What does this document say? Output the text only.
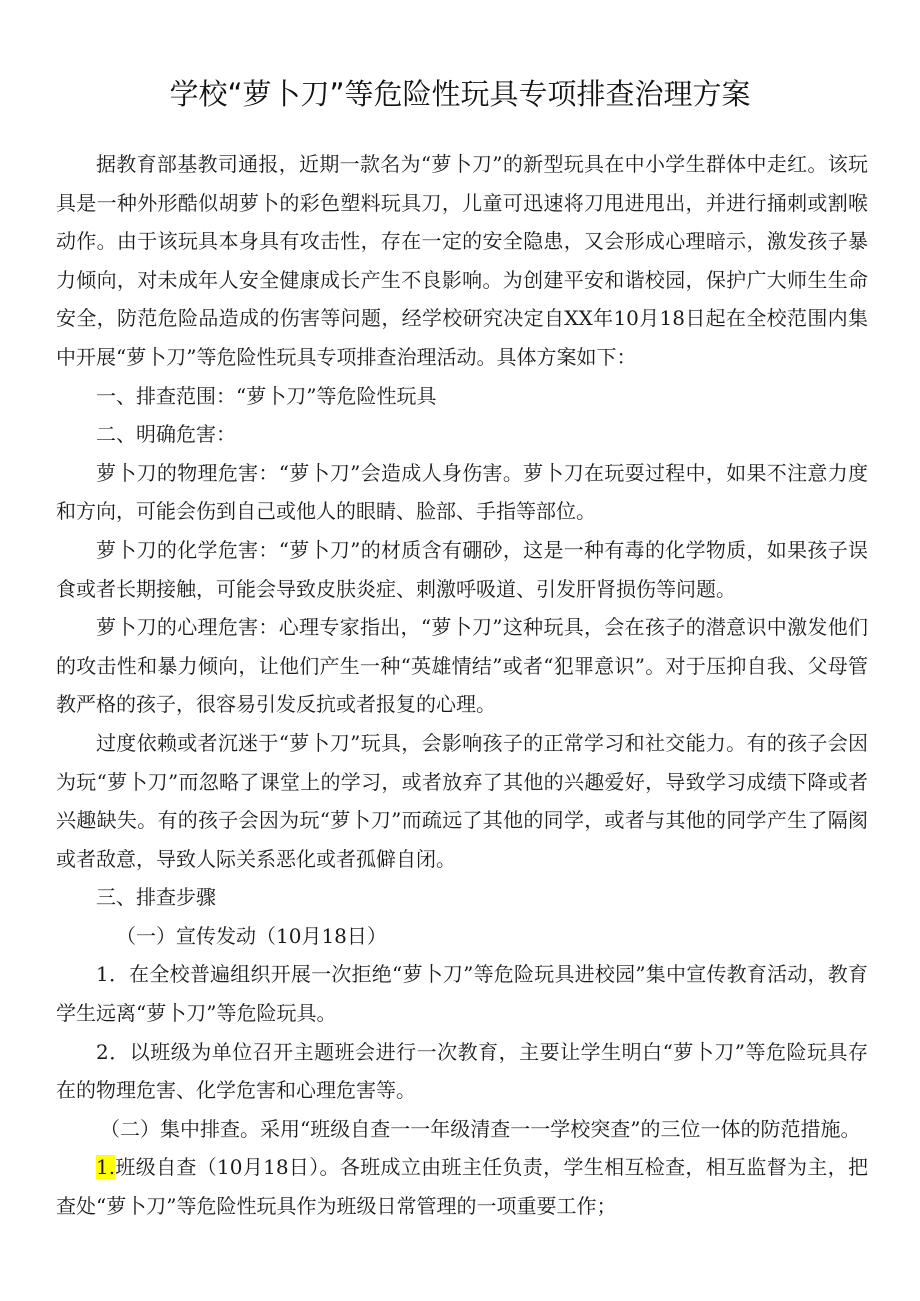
学校“萝卜刀”等危险性玩具专项排查治理方案

据教育部基教司通报，近期一款名为“萝卜刀”的新型玩具在中小学生群体中走红。该玩具是一种外形酷似胡萝卜的彩色塑料玩具刀，儿童可迅速将刀甩进甩出，并进行捅刺或割喉动作。由于该玩具本身具有攻击性，存在一定的安全隐患，又会形成心理暗示，激发孩子暴力倾向，对未成年人安全健康成长产生不良影响。为创建平安和谐校园，保护广大师生生命安全，防范危险品造成的伤害等问题，经学校研究决定自XX年10月18日起在全校范围内集中开展“萝卜刀”等危险性玩具专项排查治理活动。具体方案如下：

一、排查范围：“萝卜刀”等危险性玩具

二、明确危害：

萝卜刀的物理危害：“萝卜刀”会造成人身伤害。萝卜刀在玩耍过程中，如果不注意力度和方向，可能会伤到自己或他人的眼睛、脸部、手指等部位。

萝卜刀的化学危害：“萝卜刀”的材质含有硼砂，这是一种有毒的化学物质，如果孩子误食或者长期接触，可能会导致皮肤炎症、刺激呼吸道、引发肝肾损伤等问题。

萝卜刀的心理危害：心理专家指出，“萝卜刀”这种玩具，会在孩子的潜意识中激发他们的攻击性和暴力倾向，让他们产生一种“英雄情结”或者“犯罪意识”。对于压抑自我、父母管教严格的孩子，很容易引发反抗或者报复的心理。

过度依赖或者沉迷于“萝卜刀”玩具，会影响孩子的正常学习和社交能力。有的孩子会因为玩“萝卜刀”而忽略了课堂上的学习，或者放弃了其他的兴趣爱好，导致学习成绩下降或者兴趣缺失。有的孩子会因为玩“萝卜刀”而疏远了其他的同学，或者与其他的同学产生了隔阂或者敌意，导致人际关系恶化或者孤僻自闭。

三、排查步骤

（一）宣传发动（10月18日）

1．在全校普遍组织开展一次拒绝“萝卜刀”等危险玩具进校园”集中宣传教育活动，教育学生远离“萝卜刀”等危险玩具。

2．以班级为单位召开主题班会进行一次教育，主要让学生明白“萝卜刀”等危险玩具存在的物理危害、化学危害和心理危害等。

（二）集中排查。采用“班级自查一一年级清查一一学校突查”的三位一体的防范措施。

1.班级自查（10月18日）。各班成立由班主任负责，学生相互检查，相互监督为主，把查处“萝卜刀”等危险性玩具作为班级日常管理的一项重要工作；
